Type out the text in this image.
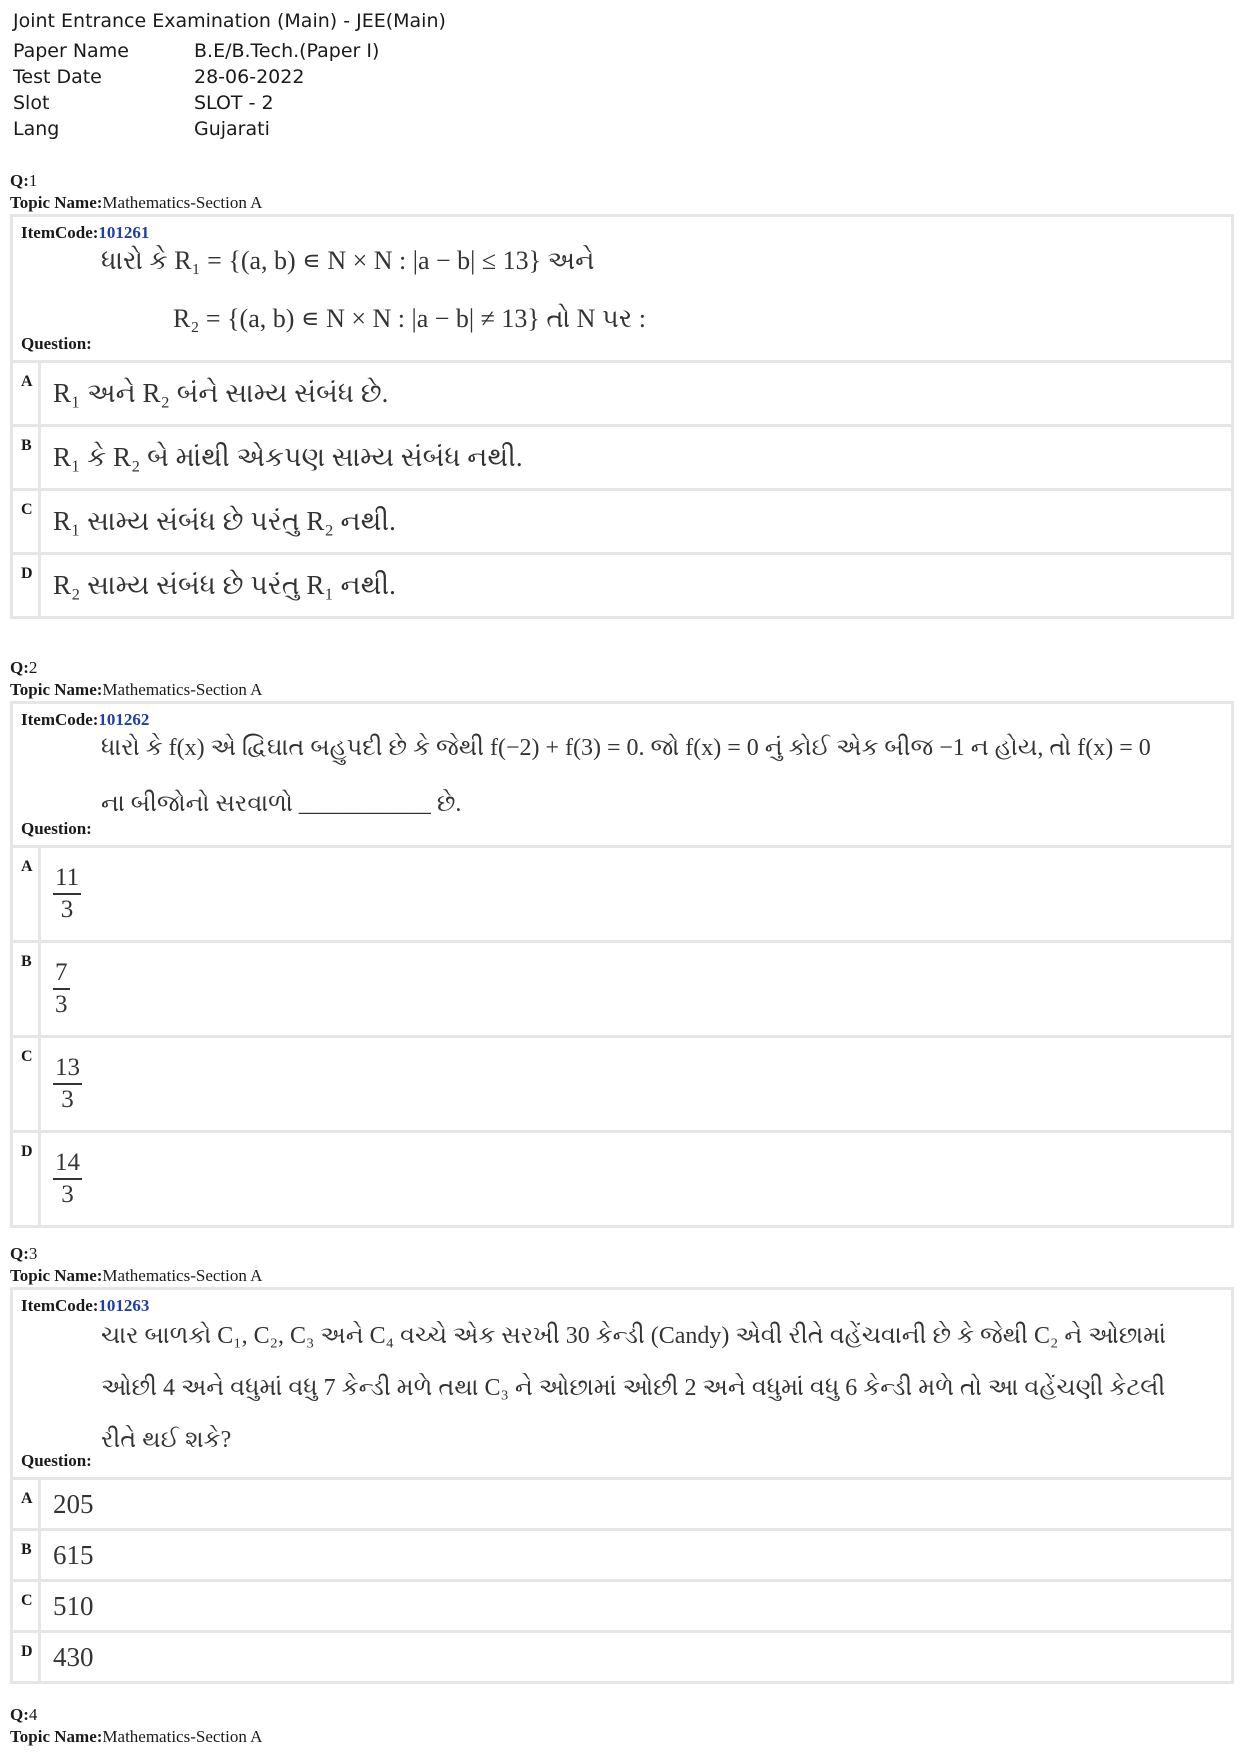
Joint Entrance Examination (Main) - JEE(Main)
Paper Name	B.E/B.Tech.(Paper I)
Test Date	28-06-2022
Slot	SLOT - 2
Lang	Gujarati
Q:1
Topic Name:Mathematics-Section A
ItemCode:101261
ધારો કે R₁ = {(a, b) ∊ N × N : |a − b| ≤ 13} અને
R₂ = {(a, b) ∊ N × N : |a − b| ≠ 13} તો N પર :
Question:
A R₁ અને R₂ બંને સામ્ય સંબંધ છે.
B R₁ કે R₂ બે માંથી એકપણ સામ્ય સંબંધ નથી.
C R₁ સામ્ય સંબંધ છે પરંતુ R₂ નથી.
D R₂ સામ્ય સંબંધ છે પરંતુ R₁ નથી.
Q:2
Topic Name:Mathematics-Section A
ItemCode:101262
ધારો કે f(x) એ દ્વિઘાત બહુપદી છે કે જેથી f(−2) + f(3) = 0. જો f(x) = 0 નું કોઈ એક બીજ −1 ન હોય, તો f(x) = 0
ના બીજોનો સરવાળો ___________ છે.
Question:
A $\frac{11}{3}$
B $\frac{7}{3}$
C $\frac{13}{3}$
D $\frac{14}{3}$
Q:3
Topic Name:Mathematics-Section A
ItemCode:101263
ચાર બાળકો C₁, C₂, C₃ અને C₄ વચ્ચે એક સરખી 30 કેન્ડી (Candy) એવી રીતે વહેંચવાની છે કે જેથી C₂ ને ઓછામાં
ઓછી 4 અને વધુમાં વધુ 7 કેન્ડી મળે તથા C₃ ને ઓછામાં ઓછી 2 અને વધુમાં વધુ 6 કેન્ડી મળે તો આ વહેંચણી કેટલી
રીતે થઈ શકે?
Question:
A 205
B 615
C 510
D 430
Q:4
Topic Name:Mathematics-Section A
